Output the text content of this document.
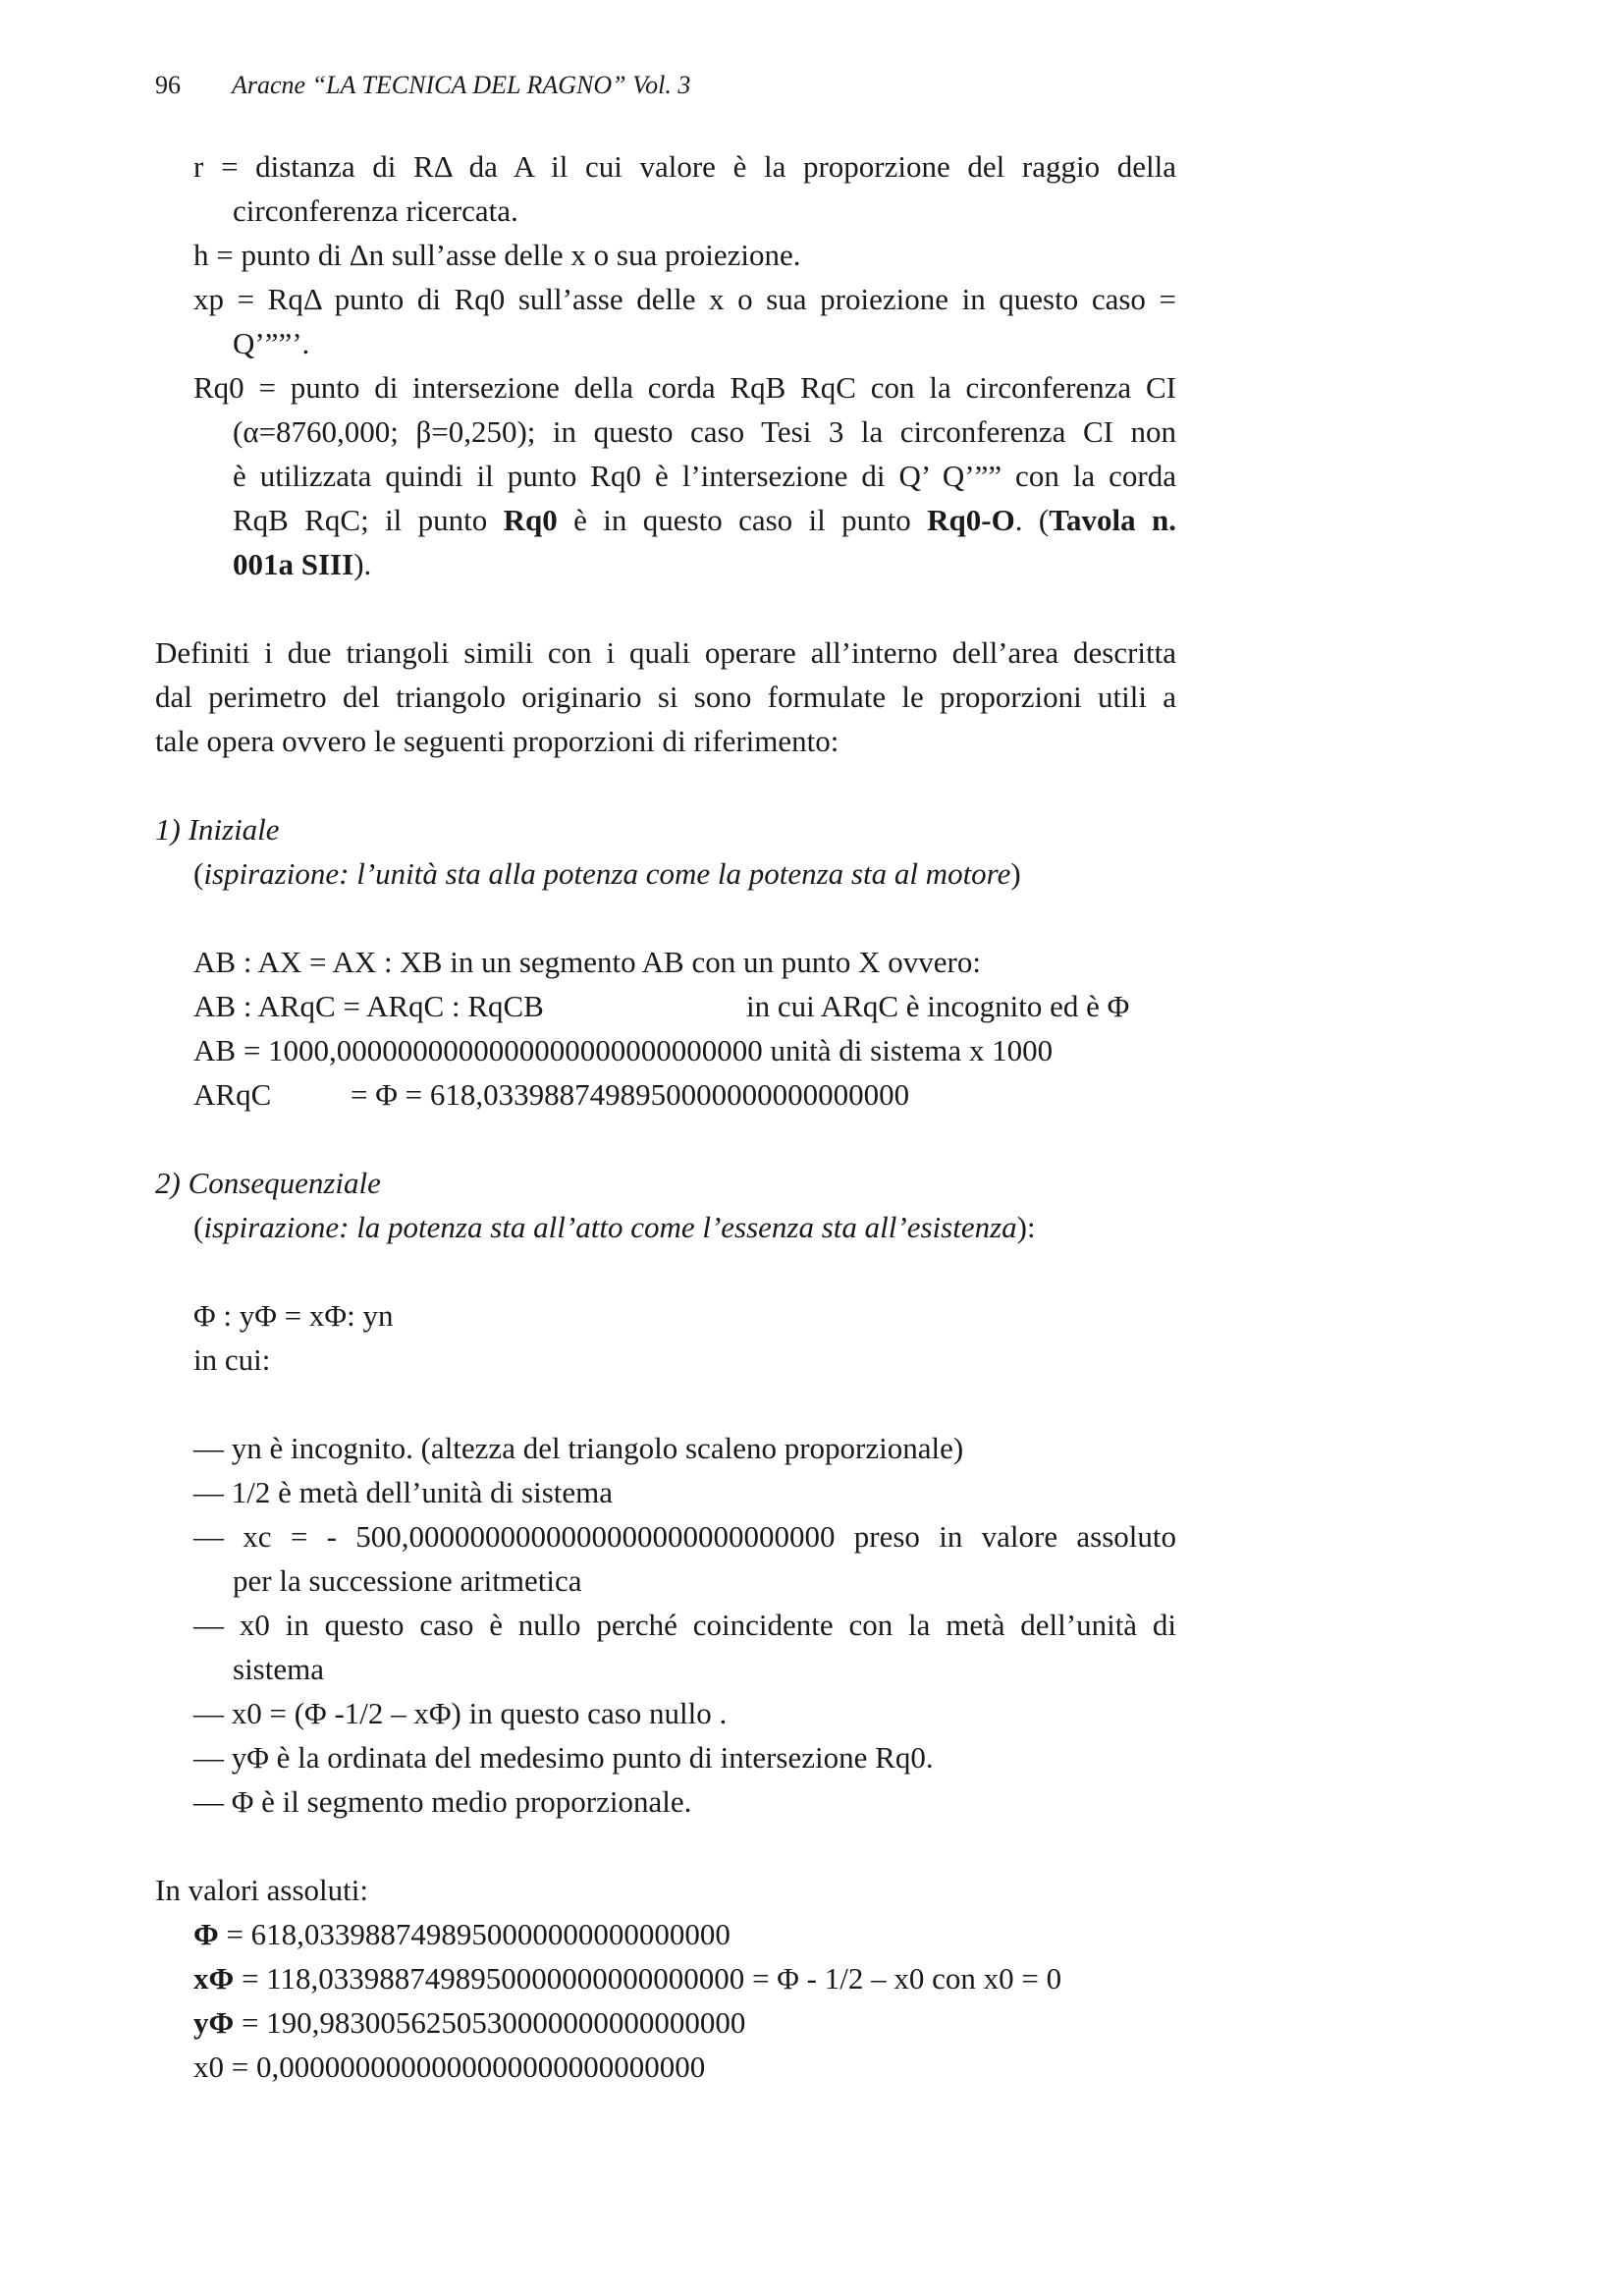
96 Aracne “LA TECNICA DEL RAGNO” Vol. 3
r = distanza di RΔ da A il cui valore è la proporzione del raggio della
circonferenza ricercata.
h = punto di Δn sull’asse delle x o sua proiezione.
xp = RqΔ punto di Rq0 sull’asse delle x o sua proiezione in questo caso =
Q’””’.
Rq0 = punto di intersezione della corda RqB RqC con la circonferenza CI
(α=8760,000; β=0,250); in questo caso Tesi 3 la circonferenza CI non
è utilizzata quindi il punto Rq0 è l’intersezione di Q’ Q’”” con la corda
RqB RqC; il punto Rq0 è in questo caso il punto Rq0-O. (Tavola n.
001a SIII).
Definiti i due triangoli simili con i quali operare all’interno dell’area descritta
dal perimetro del triangolo originario si sono formulate le proporzioni utili a
tale opera ovvero le seguenti proporzioni di riferimento:
1) Iniziale
(ispirazione: l’unità sta alla potenza come la potenza sta al motore)
AB : AX = AX : XB in un segmento AB con un punto X ovvero:
AB : ARqC = ARqC : RqCB	in cui ARqC è incognito ed è Φ
AB = 1000,0000000000000000000000000000 unità di sistema x 1000
ARqC	= Φ = 618,0339887498950000000000000000
2) Consequenziale
(ispirazione: la potenza sta all’atto come l’essenza sta all’esistenza):
Φ : yΦ = xΦ: yn
in cui:
— yn è incognito. (altezza del triangolo scaleno proporzionale)
— 1/2 è metà dell’unità di sistema
— xc = - 500,0000000000000000000000000000 preso in valore assoluto
per la successione aritmetica
— x0 in questo caso è nullo perché coincidente con la metà dell’unità di
sistema
— x0 = (Φ -1/2 – xΦ) in questo caso nullo .
— yΦ è la ordinata del medesimo punto di intersezione Rq0.
— Φ è il segmento medio proporzionale.
In valori assoluti:
Φ = 618,0339887498950000000000000000
xΦ = 118,0339887498950000000000000000 = Φ - 1/2 – x0 con x0 = 0
yΦ = 190,9830056250530000000000000000
x0 = 0,0000000000000000000000000000
